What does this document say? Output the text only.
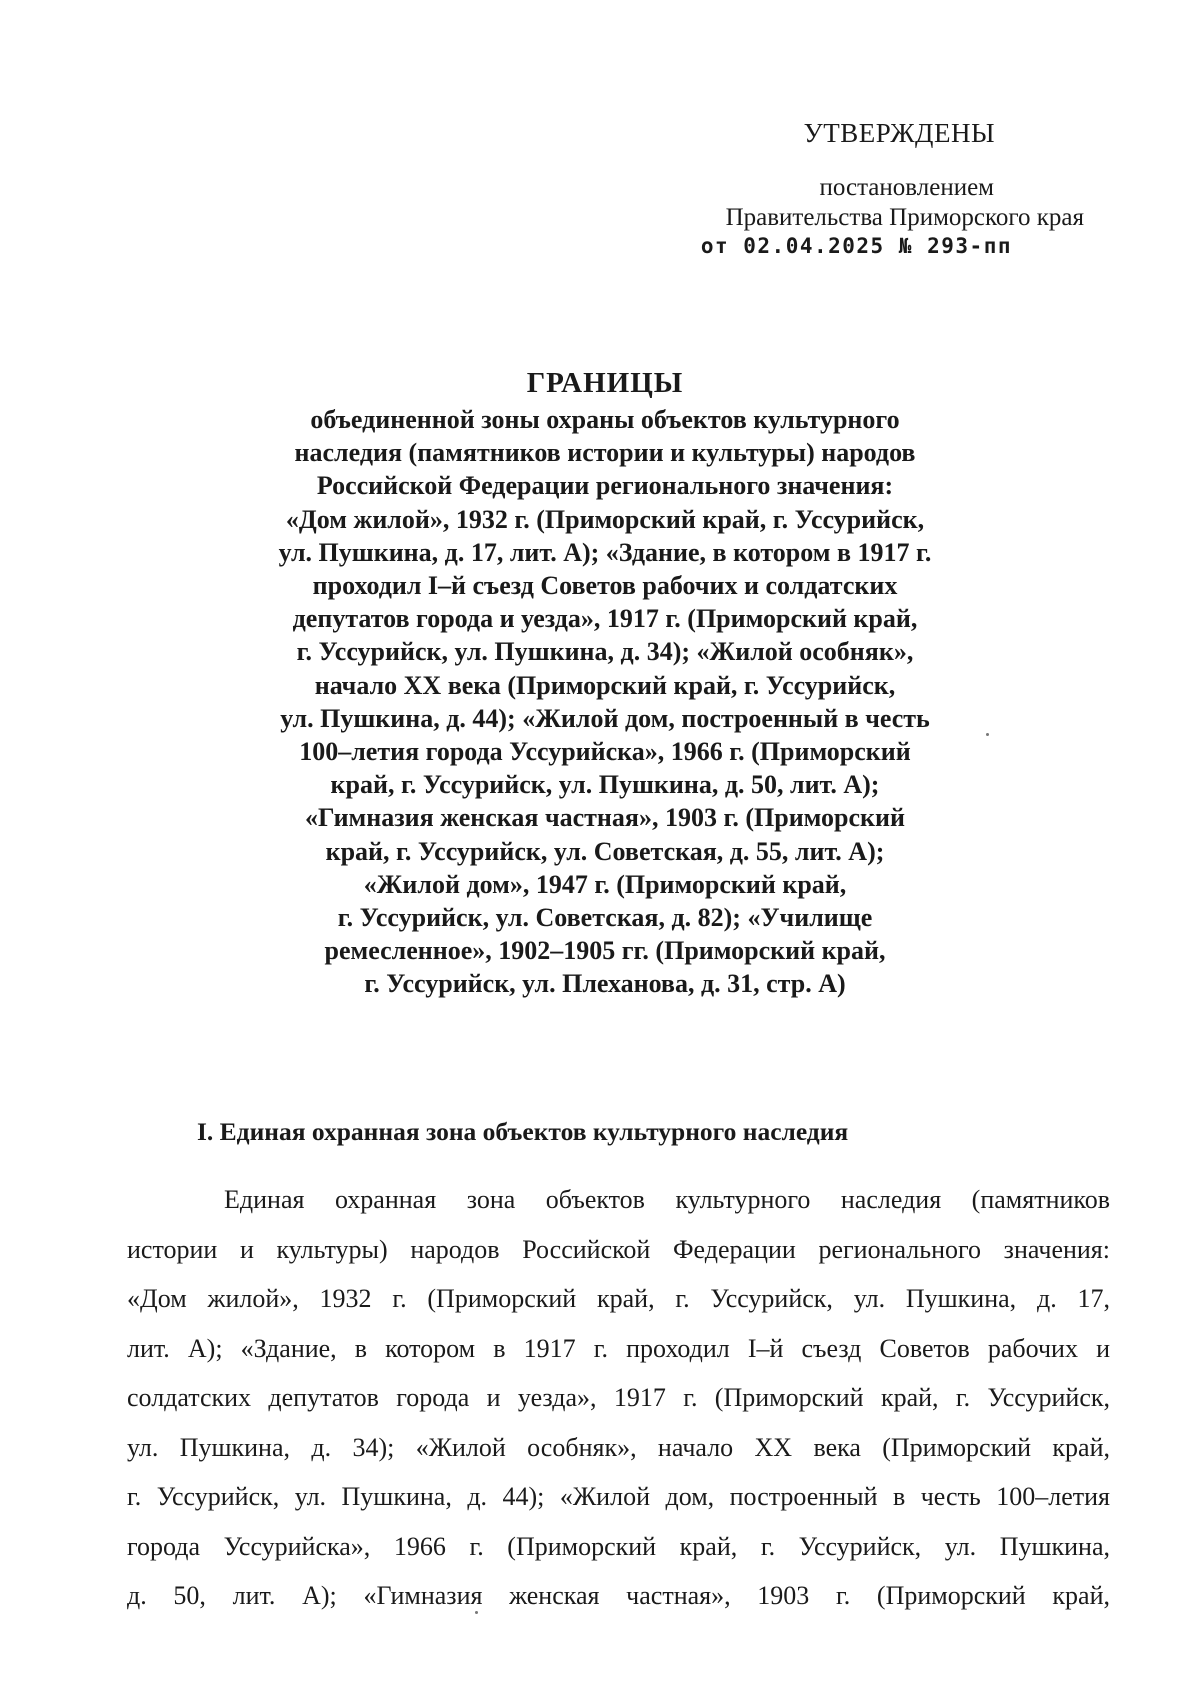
УТВЕРЖДЕНЫ
постановлением
Правительства Приморского края
от 02.04.2025 № 293-пп
ГРАНИЦЫ
объединенной зоны охраны объектов культурного
наследия (памятников истории и культуры) народов
Российской Федерации регионального значения:
«Дом жилой», 1932 г. (Приморский край, г. Уссурийск,
ул. Пушкина, д. 17, лит. А); «Здание, в котором в 1917 г.
проходил I–й съезд Советов рабочих и солдатских
депутатов города и уезда», 1917 г. (Приморский край,
г. Уссурийск, ул. Пушкина, д. 34); «Жилой особняк»,
начало XX века (Приморский край, г. Уссурийск,
ул. Пушкина, д. 44); «Жилой дом, построенный в честь
100–летия города Уссурийска», 1966 г. (Приморский
край, г. Уссурийск, ул. Пушкина, д. 50, лит. А);
«Гимназия женская частная», 1903 г. (Приморский
край, г. Уссурийск, ул. Советская, д. 55, лит. А);
«Жилой дом», 1947 г. (Приморский край,
г. Уссурийск, ул. Советская, д. 82); «Училище
ремесленное», 1902–1905 гг. (Приморский край,
г. Уссурийск, ул. Плеханова, д. 31, стр. А)
I. Единая охранная зона объектов культурного наследия
Единая охранная зона объектов культурного наследия (памятников
истории и культуры) народов Российской Федерации регионального значения:
«Дом жилой», 1932 г. (Приморский край, г. Уссурийск, ул. Пушкина, д. 17,
лит. А); «Здание, в котором в 1917 г. проходил I–й съезд Советов рабочих и
солдатских депутатов города и уезда», 1917 г. (Приморский край, г. Уссурийск,
ул. Пушкина, д. 34); «Жилой особняк», начало XX века (Приморский край,
г. Уссурийск, ул. Пушкина, д. 44); «Жилой дом, построенный в честь 100–летия
города Уссурийска», 1966 г. (Приморский край, г. Уссурийск, ул. Пушкина,
д. 50, лит. А); «Гимназия женская частная», 1903 г. (Приморский край,
